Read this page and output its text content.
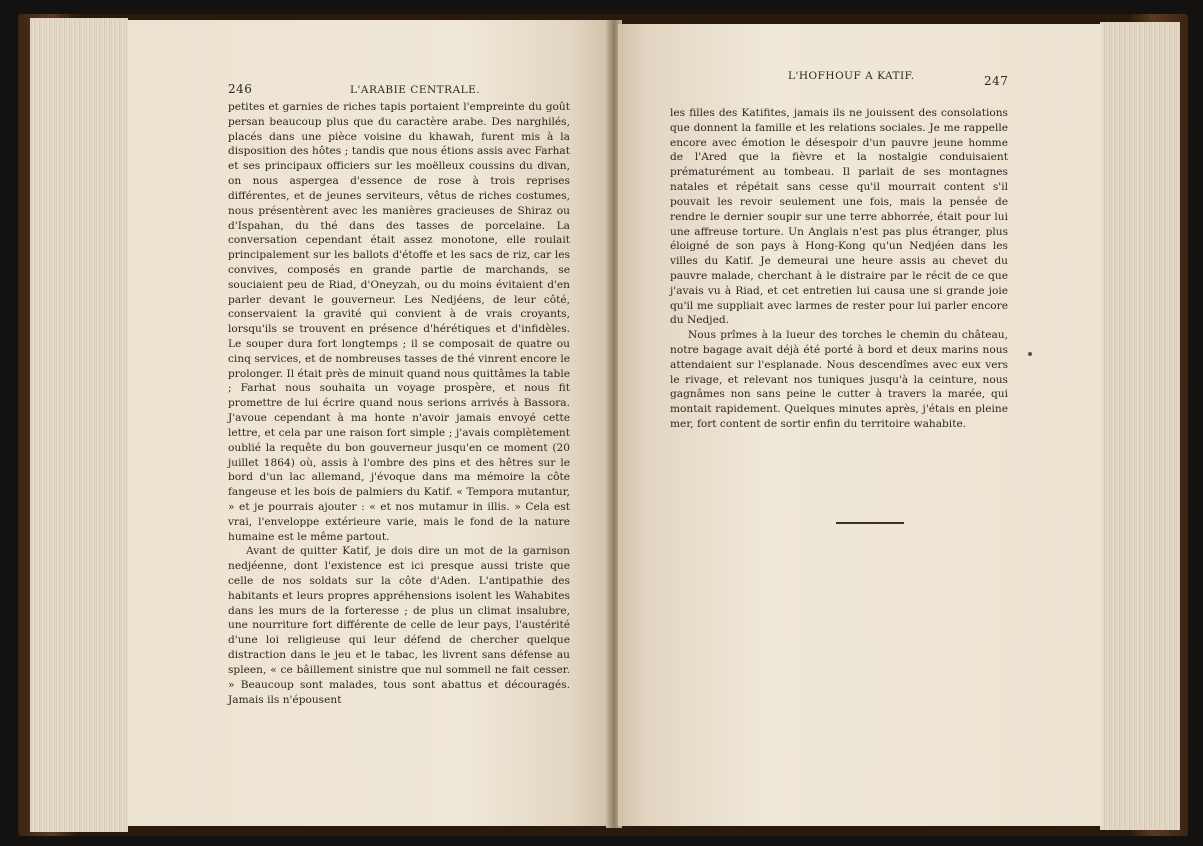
246	L'ARABIE CENTRALE.

petites et garnies de riches tapis portaient l'empreinte du goût persan beaucoup plus que du caractère arabe. Des narghilés, placés dans une pièce voisine du khawah, furent mis à la disposition des hôtes ; tandis que nous étions assis avec Farhat et ses principaux officiers sur les moëlleux coussins du divan, on nous aspergea d'essence de rose à trois reprises différentes, et de jeunes serviteurs, vêtus de riches costumes, nous présentèrent avec les manières gracieuses de Shiraz ou d'Ispahan, du thé dans des tasses de porcelaine. La conversation cependant était assez monotone, elle roulait principalement sur les ballots d'étoffe et les sacs de riz, car les convives, composés en grande partie de marchands, se souciaient peu de Riad, d'Oneyzah, ou du moins évitaient d'en parler devant le gouverneur. Les Nedjéens, de leur côté, conservaient la gravité qui convient à de vrais croyants, lorsqu'ils se trouvent en présence d'hérétiques et d'infidèles. Le souper dura fort longtemps ; il se composait de quatre ou cinq services, et de nombreuses tasses de thé vinrent encore le prolonger. Il était près de minuit quand nous quittâmes la table ; Farhat nous souhaita un voyage prospère, et nous fit promettre de lui écrire quand nous serions arrivés à Bassora. J'avoue cependant à ma honte n'avoir jamais envoyé cette lettre, et cela par une raison fort simple ; j'avais complètement oublié la requête du bon gouverneur jusqu'en ce moment (20 juillet 1864) où, assis à l'ombre des pins et des hêtres sur le bord d'un lac allemand, j'évoque dans ma mémoire la côte fangeuse et les bois de palmiers du Katif. « Tempora mutantur, » et je pourrais ajouter : « et nos mutamur in illis. » Cela est vrai, l'enveloppe extérieure varie, mais le fond de la nature humaine est le même partout.

Avant de quitter Katif, je dois dire un mot de la garnison nedjéenne, dont l'existence est ici presque aussi triste que celle de nos soldats sur la côte d'Aden. L'antipathie des habitants et leurs propres appréhensions isolent les Wahabites dans les murs de la forteresse ; de plus un climat insalubre, une nourriture fort différente de celle de leur pays, l'austérité d'une loi religieuse qui leur défend de chercher quelque distraction dans le jeu et le tabac, les livrent sans défense au spleen, « ce bâillement sinistre que nul sommeil ne fait cesser. » Beaucoup sont malades, tous sont abattus et découragés. Jamais ils n'épousent

L'HOFHOUF A KATIF.	247

les filles des Katifites, jamais ils ne jouissent des consolations que donnent la famille et les relations sociales. Je me rappelle encore avec émotion le désespoir d'un pauvre jeune homme de l'Ared que la fièvre et la nostalgie conduisaient prématurément au tombeau. Il parlait de ses montagnes natales et répétait sans cesse qu'il mourrait content s'il pouvait les revoir seulement une fois, mais la pensée de rendre le dernier soupir sur une terre abhorrée, était pour lui une affreuse torture. Un Anglais n'est pas plus étranger, plus éloigné de son pays à Hong-Kong qu'un Nedjéen dans les villes du Katif. Je demeurai une heure assis au chevet du pauvre malade, cherchant à le distraire par le récit de ce que j'avais vu à Riad, et cet entretien lui causa une si grande joie qu'il me suppliait avec larmes de rester pour lui parler encore du Nedjed.

Nous prîmes à la lueur des torches le chemin du château, notre bagage avait déjà été porté à bord et deux marins nous attendaient sur l'esplanade. Nous descendîmes avec eux vers le rivage, et relevant nos tuniques jusqu'à la ceinture, nous gagnâmes non sans peine le cutter à travers la marée, qui montait rapidement. Quelques minutes après, j'étais en pleine mer, fort content de sortir enfin du territoire wahabite.
